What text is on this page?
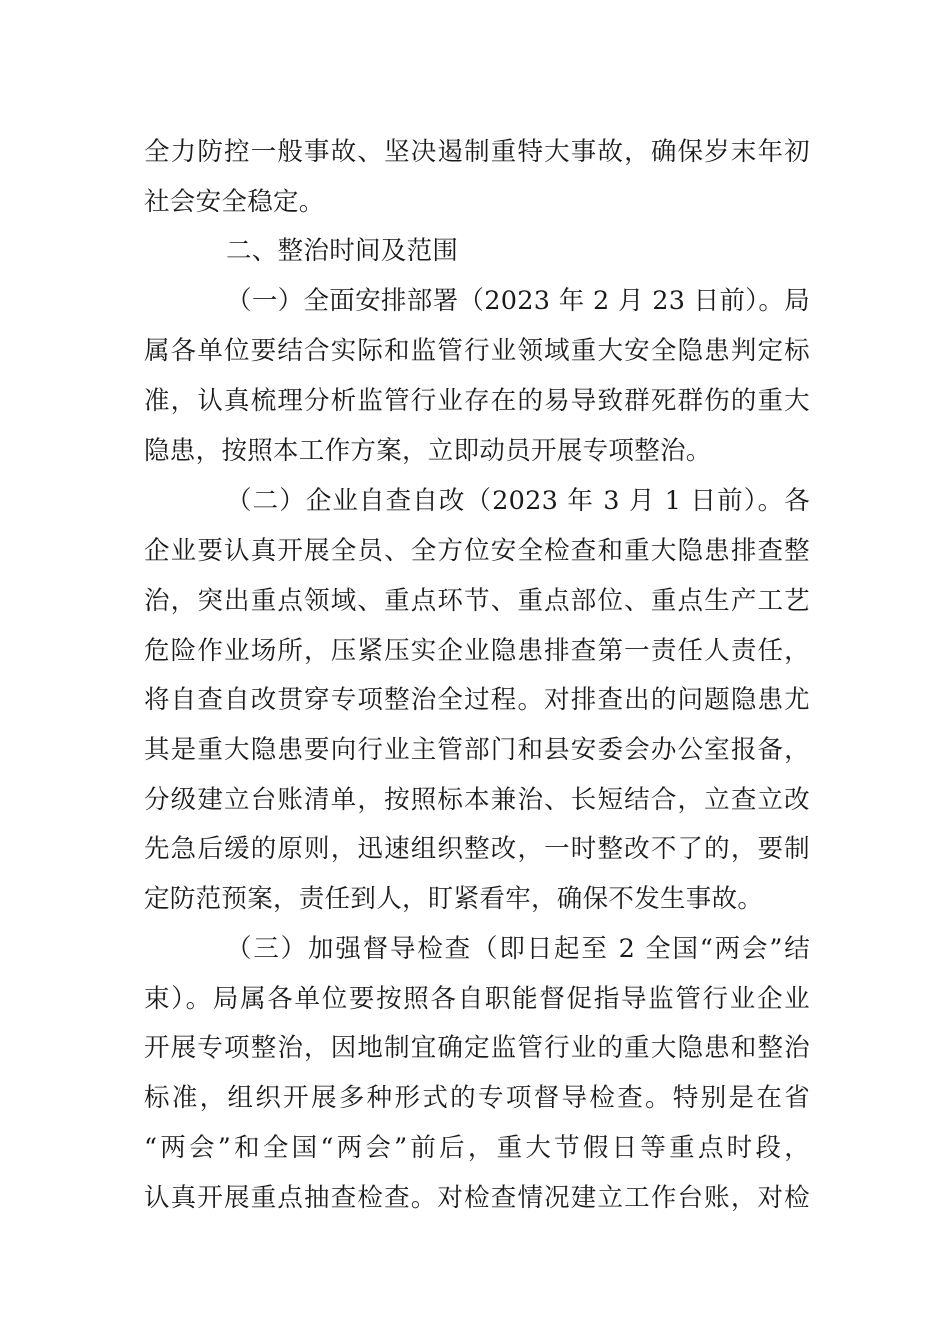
全力防控一般事故、坚决遏制重特大事故，确保岁末年初
社会安全稳定。
二、整治时间及范围
（一）全面安排部署（2023 年 2 月 23 日前）。局
属各单位要结合实际和监管行业领域重大安全隐患判定标
准，认真梳理分析监管行业存在的易导致群死群伤的重大
隐患，按照本工作方案，立即动员开展专项整治。
（二）企业自查自改（2023 年 3 月 1 日前）。各
企业要认真开展全员、全方位安全检查和重大隐患排查整
治，突出重点领域、重点环节、重点部位、重点生产工艺
危险作业场所，压紧压实企业隐患排查第一责任人责任，
将自查自改贯穿专项整治全过程。对排查出的问题隐患尤
其是重大隐患要向行业主管部门和县安委会办公室报备，
分级建立台账清单，按照标本兼治、长短结合，立查立改
先急后缓的原则，迅速组织整改，一时整改不了的，要制
定防范预案，责任到人，盯紧看牢，确保不发生事故。
（三）加强督导检查（即日起至 2 全国“两会”结
束）。局属各单位要按照各自职能督促指导监管行业企业
开展专项整治，因地制宜确定监管行业的重大隐患和整治
标准，组织开展多种形式的专项督导检查。特别是在省
“两会”和全国“两会”前后，重大节假日等重点时段，
认真开展重点抽查检查。对检查情况建立工作台账，对检
